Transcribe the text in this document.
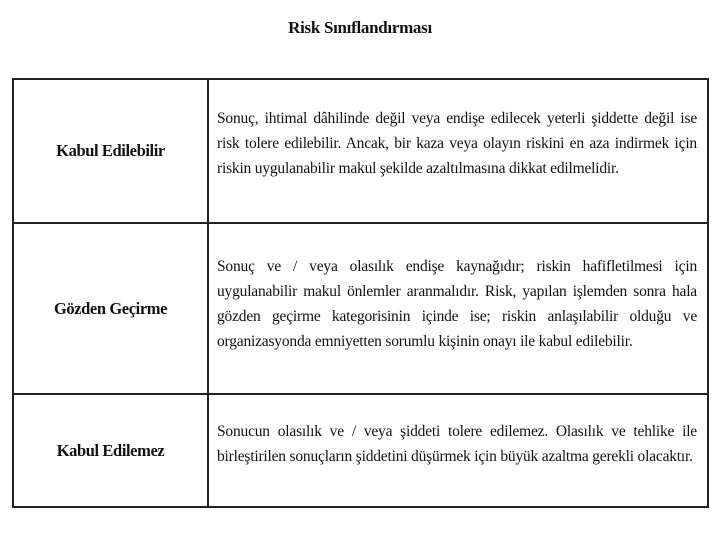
Risk Sınıflandırması
Kabul Edilebilir	Sonuç, ihtimal dâhilinde değil veya endişe edilecek yeterli şiddette değil ise risk tolere edilebilir. Ancak, bir kaza veya olayın riskini en aza indirmek için riskin uygulanabilir makul şekilde azaltılmasına dikkat edilmelidir.
Gözden Geçirme	Sonuç ve / veya olasılık endişe kaynağıdır; riskin hafifletilmesi için uygulanabilir makul önlemler aranmalıdır. Risk, yapılan işlemden sonra hala gözden geçirme kategorisinin içinde ise; riskin anlaşılabilir olduğu ve organizasyonda emniyetten sorumlu kişinin onayı ile kabul edilebilir.
Kabul Edilemez	Sonucun olasılık ve / veya şiddeti tolere edilemez. Olasılık ve tehlike ile birleştirilen sonuçların şiddetini düşürmek için büyük azaltma gerekli olacaktır.
